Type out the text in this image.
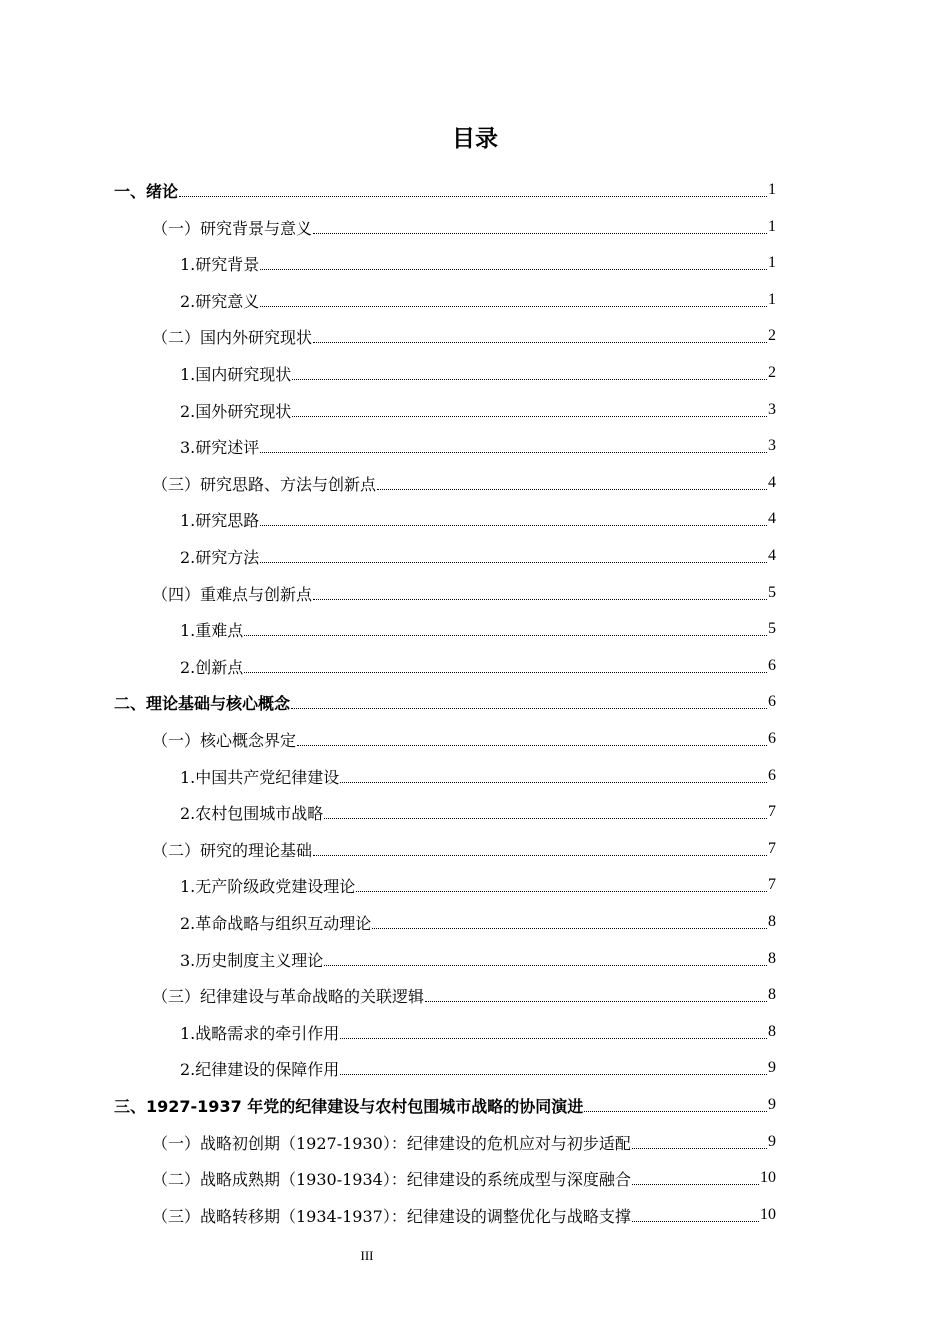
目录
一、绪论	1
（一）研究背景与意义	1
1.研究背景	1
2.研究意义	1
（二）国内外研究现状	2
1.国内研究现状	2
2.国外研究现状	3
3.研究述评	3
（三）研究思路、方法与创新点	4
1.研究思路	4
2.研究方法	4
（四）重难点与创新点	5
1.重难点	5
2.创新点	6
二、理论基础与核心概念	6
（一）核心概念界定	6
1.中国共产党纪律建设	6
2.农村包围城市战略	7
（二）研究的理论基础	7
1.无产阶级政党建设理论	7
2.革命战略与组织互动理论	8
3.历史制度主义理论	8
（三）纪律建设与革命战略的关联逻辑	8
1.战略需求的牵引作用	8
2.纪律建设的保障作用	9
三、1927-1937 年党的纪律建设与农村包围城市战略的协同演进	9
（一）战略初创期（1927-1930）：纪律建设的危机应对与初步适配	9
（二）战略成熟期（1930-1934）：纪律建设的系统成型与深度融合	10
（三）战略转移期（1934-1937）：纪律建设的调整优化与战略支撑	10
III
